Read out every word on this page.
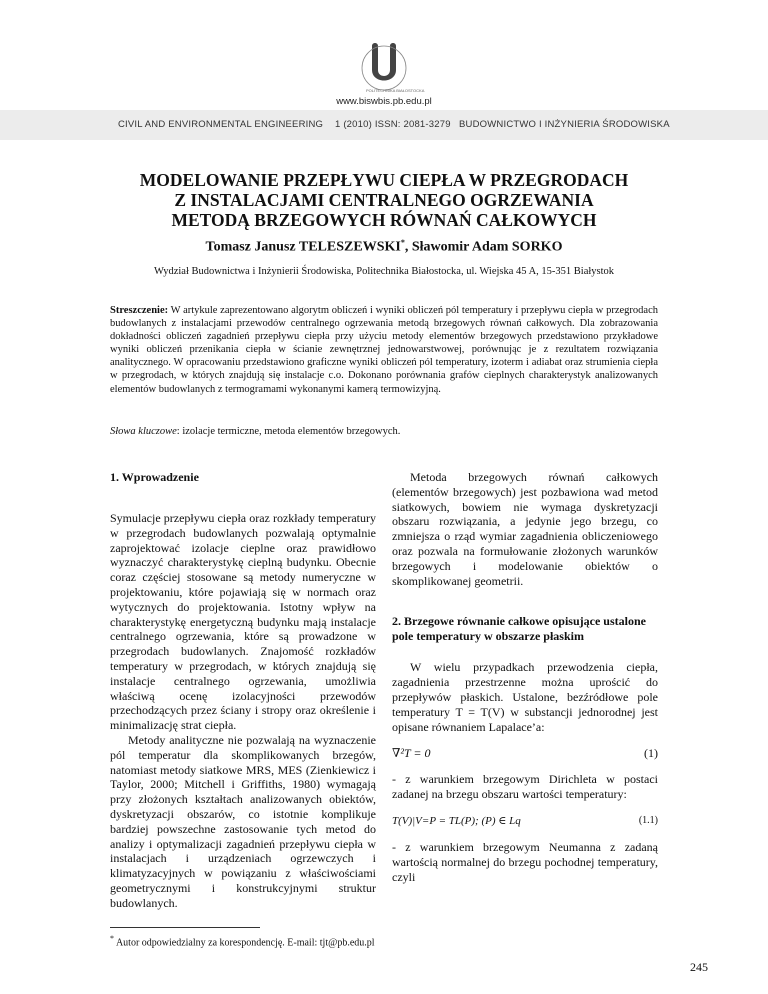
POLITECHNIKA BIAŁOSTOCKA
www.biswbis.pb.edu.pl
CIVIL AND ENVIRONMENTAL ENGINEERING 1 (2010) ISSN: 2081-3279 BUDOWNICTWO I INŻYNIERIA ŚRODOWISKA
MODELOWANIE PRZEPŁYWU CIEPŁA W PRZEGRODACH
Z INSTALACJAMI CENTRALNEGO OGRZEWANIA
METODĄ BRZEGOWYCH RÓWNAŃ CAŁKOWYCH
Tomasz Janusz TELESZEWSKI*, Sławomir Adam SORKO
Wydział Budownictwa i Inżynierii Środowiska, Politechnika Białostocka, ul. Wiejska 45 A, 15-351 Białystok
Streszczenie: W artykule zaprezentowano algorytm obliczeń i wyniki obliczeń pól temperatury i przepływu ciepła w przegrodach budowlanych z instalacjami przewodów centralnego ogrzewania metodą brzegowych równań całkowych. Dla zobrazowania dokładności obliczeń zagadnień przepływu ciepła przy użyciu metody elementów brzegowych przedstawiono przykładowe wyniki obliczeń przenikania ciepła w ścianie zewnętrznej jednowarstwowej, porównując je z rezultatem rozwiązania analitycznego. W opracowaniu przedstawiono graficzne wyniki obliczeń pól temperatury, izoterm i adiabat oraz strumienia ciepła w przegrodach, w których znajdują się instalacje c.o. Dokonano porównania grafów cieplnych charakterystyk analizowanych elementów budowlanych z termogramami wykonanymi kamerą termowizyjną.
Słowa kluczowe: izolacje termiczne, metoda elementów brzegowych.
1. Wprowadzenie

Symulacje przepływu ciepła oraz rozkłady temperatury w przegrodach budowlanych pozwalają optymalnie zaprojektować izolacje cieplne oraz prawidłowo wyznaczyć charakterystykę cieplną budynku. Obecnie coraz częściej stosowane są metody numeryczne w projektowaniu, które pojawiają się w normach oraz wytycznych do projektowania. Istotny wpływ na charakterystykę energetyczną budynku mają instalacje centralnego ogrzewania, które są prowadzone w przegrodach budowlanych. Znajomość rozkładów temperatury w przegrodach, w których znajdują się instalacje centralnego ogrzewania, umożliwia właściwą ocenę izolacyjności przewodów przechodzących przez ściany i stropy oraz określenie i minimalizację strat ciepła.

Metody analityczne nie pozwalają na wyznaczenie pól temperatur dla skomplikowanych brzegów, natomiast metody siatkowe MRS, MES (Zienkiewicz i Taylor, 2000; Mitchell i Griffiths, 1980) wymagają przy złożonych kształtach analizowanych obiektów, dyskretyzacji obszarów, co istotnie komplikuje bardziej powszechne zastosowanie tych metod do analizy i optymalizacji zagadnień przepływu ciepła w instalacjach i urządzeniach ogrzewczych i klimatyzacyjnych w powiązaniu z właściwościami geometrycznymi i konstrukcyjnymi struktur budowlanych.

Metoda brzegowych równań całkowych (elementów brzegowych) jest pozbawiona wad metod siatkowych, bowiem nie wymaga dyskretyzacji obszaru rozwiązania, a jedynie jego brzegu, co zmniejsza o rząd wymiar zagadnienia obliczeniowego oraz pozwala na formułowanie złożonych warunków brzegowych i modelowanie obiektów o skomplikowanej geometrii.

2. Brzegowe równanie całkowe opisujące ustalone pole temperatury w obszarze płaskim

W wielu przypadkach przewodzenia ciepła, zagadnienia przestrzenne można uprościć do przepływów płaskich. Ustalone, bezźródłowe pole temperatury T = T(V) w substancji jednorodnej jest opisane równaniem Lapalace’a:

∇²T = 0	(1)

- z warunkiem brzegowym Dirichleta w postaci zadanej na brzegu obszaru wartości temperatury:

T(V)|V=P = TL(P); (P) ∈ Lq	(1.1)

- z warunkiem brzegowym Neumanna z zadaną wartością normalnej do brzegu pochodnej temperatury, czyli

* Autor odpowiedzialny za korespondencję. E-mail: tjt@pb.edu.pl
245
